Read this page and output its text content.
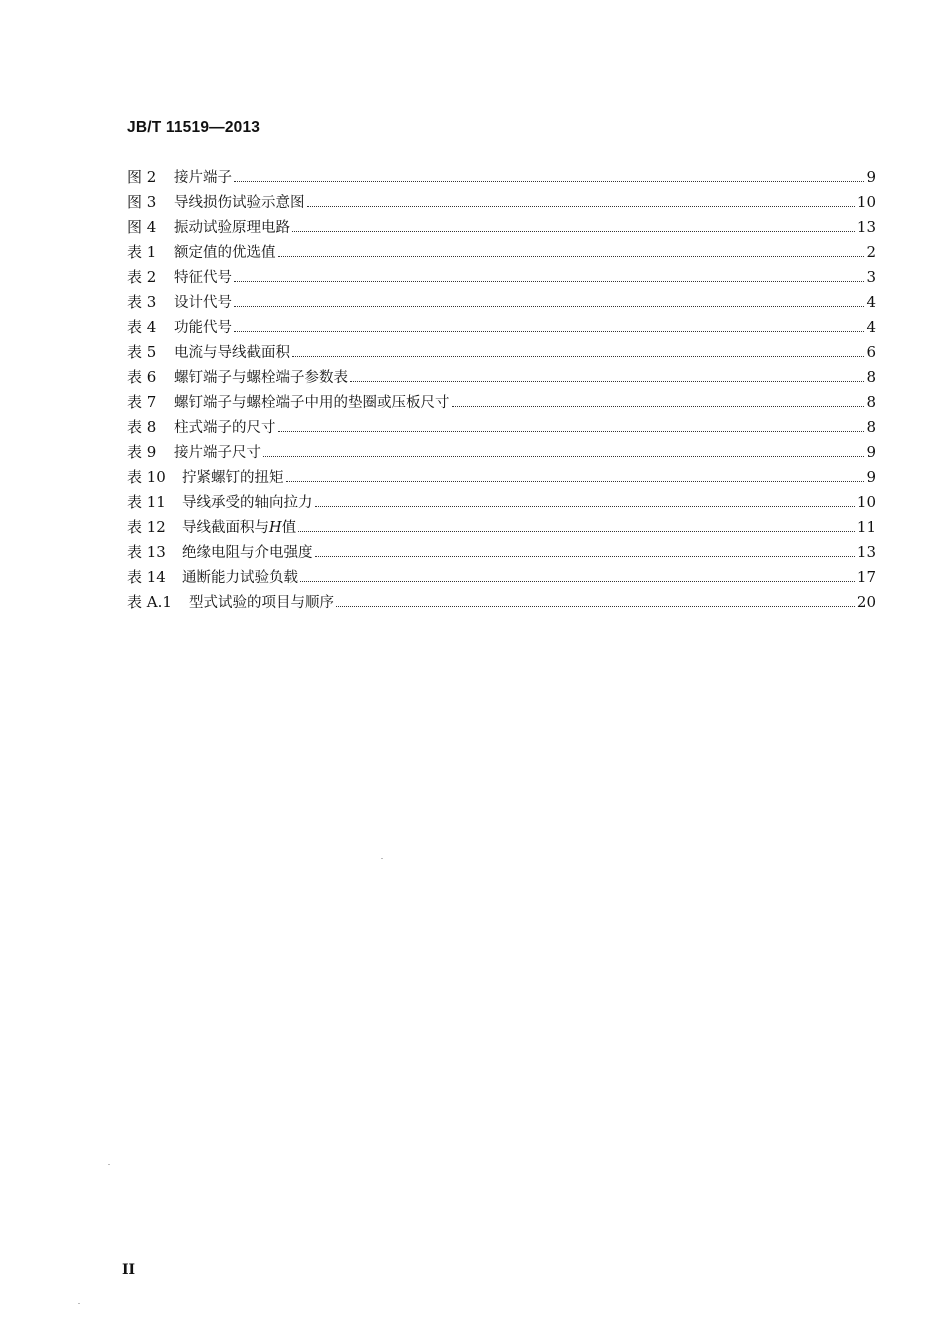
JB/T 11519—2013
图 2	接片端子	9
图 3	导线损伤试验示意图	10
图 4	振动试验原理电路	13
表 1	额定值的优选值	2
表 2	特征代号	3
表 3	设计代号	4
表 4	功能代号	4
表 5	电流与导线截面积	6
表 6	螺钉端子与螺栓端子参数表	8
表 7	螺钉端子与螺栓端子中用的垫圈或压板尺寸	8
表 8	柱式端子的尺寸	8
表 9	接片端子尺寸	9
表 10	拧紧螺钉的扭矩	9
表 11	导线承受的轴向拉力	10
表 12	导线截面积与H值	11
表 13	绝缘电阻与介电强度	13
表 14	通断能力试验负载	17
表 A.1	型式试验的项目与顺序	20
II
